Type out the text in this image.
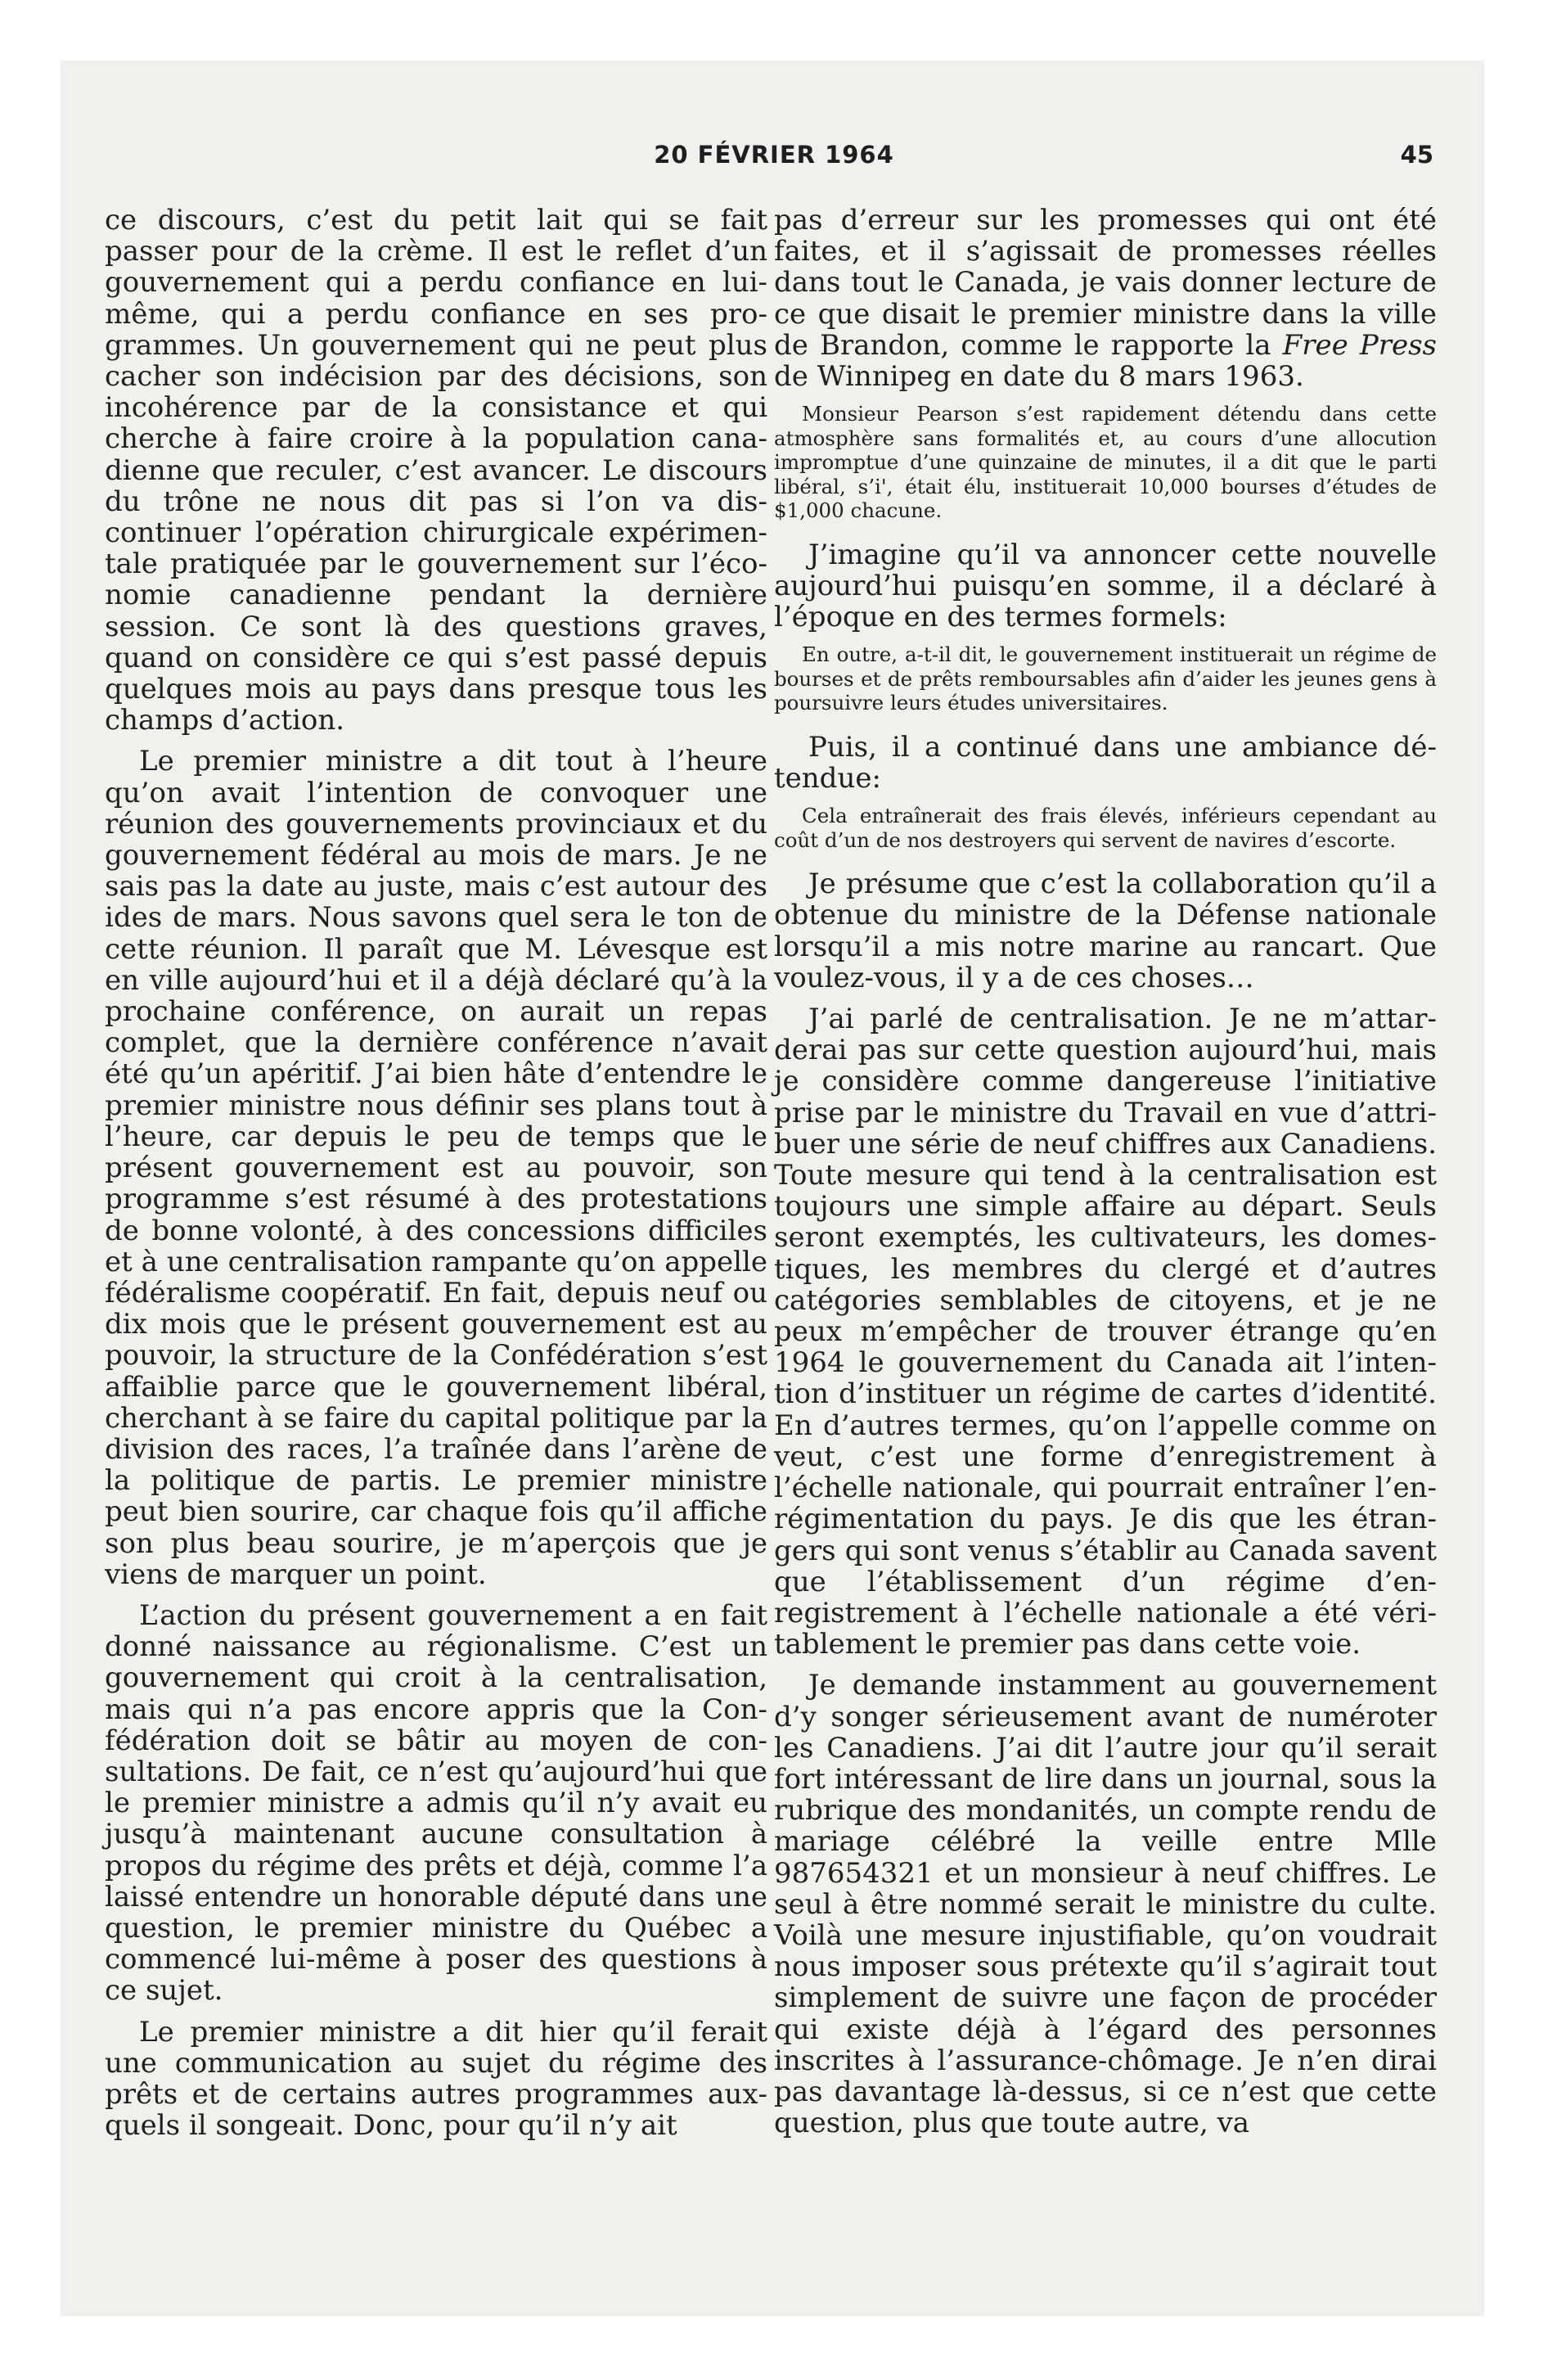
20 FÉVRIER 1964	45

ce discours, c’est du petit lait qui se fait passer pour de la crème. Il est le reflet d’un gouvernement qui a perdu confiance en lui-même, qui a perdu confiance en ses programmes. Un gouvernement qui ne peut plus cacher son indécision par des décisions, son incohérence par de la consistance et qui cherche à faire croire à la population canadienne que reculer, c’est avancer. Le discours du trône ne nous dit pas si l’on va discontinuer l’opération chirurgicale expérimentale pratiquée par le gouvernement sur l’économie canadienne pendant la dernière session. Ce sont là des questions graves, quand on considère ce qui s’est passé depuis quelques mois au pays dans presque tous les champs d’action.

Le premier ministre a dit tout à l’heure qu’on avait l’intention de convoquer une réunion des gouvernements provinciaux et du gouvernement fédéral au mois de mars. Je ne sais pas la date au juste, mais c’est autour des ides de mars. Nous savons quel sera le ton de cette réunion. Il paraît que M. Lévesque est en ville aujourd’hui et il a déjà déclaré qu’à la prochaine conférence, on aurait un repas complet, que la dernière conférence n’avait été qu’un apéritif. J’ai bien hâte d’entendre le premier ministre nous définir ses plans tout à l’heure, car depuis le peu de temps que le présent gouvernement est au pouvoir, son programme s’est résumé à des protestations de bonne volonté, à des concessions difficiles et à une centralisation rampante qu’on appelle fédéralisme coopératif. En fait, depuis neuf ou dix mois que le présent gouvernement est au pouvoir, la structure de la Confédération s’est affaiblie parce que le gouvernement libéral, cherchant à se faire du capital politique par la division des races, l’a traînée dans l’arène de la politique de partis. Le premier ministre peut bien sourire, car chaque fois qu’il affiche son plus beau sourire, je m’aperçois que je viens de marquer un point.

L’action du présent gouvernement a en fait donné naissance au régionalisme. C’est un gouvernement qui croit à la centralisation, mais qui n’a pas encore appris que la Confédération doit se bâtir au moyen de consultations. De fait, ce n’est qu’aujourd’hui que le premier ministre a admis qu’il n’y avait eu jusqu’à maintenant aucune consultation à propos du régime des prêts et déjà, comme l’a laissé entendre un honorable député dans une question, le premier ministre du Québec a commencé lui-même à poser des questions à ce sujet.

Le premier ministre a dit hier qu’il ferait une communication au sujet du régime des prêts et de certains autres programmes auxquels il songeait. Donc, pour qu’il n’y ait

pas d’erreur sur les promesses qui ont été faites, et il s’agissait de promesses réelles dans tout le Canada, je vais donner lecture de ce que disait le premier ministre dans la ville de Brandon, comme le rapporte la Free Press de Winnipeg en date du 8 mars 1963.

Monsieur Pearson s’est rapidement détendu dans cette atmosphère sans formalités et, au cours d’une allocution impromptue d’une quinzaine de minutes, il a dit que le parti libéral, s’i', était élu, instituerait 10,000 bourses d’études de $1,000 chacune.

J’imagine qu’il va annoncer cette nouvelle aujourd’hui puisqu’en somme, il a déclaré à l’époque en des termes formels:

En outre, a-t-il dit, le gouvernement instituerait un régime de bourses et de prêts remboursables afin d’aider les jeunes gens à poursuivre leurs études universitaires.

Puis, il a continué dans une ambiance détendue:

Cela entraînerait des frais élevés, inférieurs cependant au coût d’un de nos destroyers qui servent de navires d’escorte.

Je présume que c’est la collaboration qu’il a obtenue du ministre de la Défense nationale lorsqu’il a mis notre marine au rancart. Que voulez-vous, il y a de ces choses…

J’ai parlé de centralisation. Je ne m’attarderai pas sur cette question aujourd’hui, mais je considère comme dangereuse l’initiative prise par le ministre du Travail en vue d’attribuer une série de neuf chiffres aux Canadiens. Toute mesure qui tend à la centralisation est toujours une simple affaire au départ. Seuls seront exemptés, les cultivateurs, les domestiques, les membres du clergé et d’autres catégories semblables de citoyens, et je ne peux m’empêcher de trouver étrange qu’en 1964 le gouvernement du Canada ait l’intention d’instituer un régime de cartes d’identité. En d’autres termes, qu’on l’appelle comme on veut, c’est une forme d’enregistrement à l’échelle nationale, qui pourrait entraîner l’enrégimentation du pays. Je dis que les étrangers qui sont venus s’établir au Canada savent que l’établissement d’un régime d’enregistrement à l’échelle nationale a été véritablement le premier pas dans cette voie.

Je demande instamment au gouvernement d’y songer sérieusement avant de numéroter les Canadiens. J’ai dit l’autre jour qu’il serait fort intéressant de lire dans un journal, sous la rubrique des mondanités, un compte rendu de mariage célébré la veille entre Mlle 987654321 et un monsieur à neuf chiffres. Le seul à être nommé serait le ministre du culte. Voilà une mesure injustifiable, qu’on voudrait nous imposer sous prétexte qu’il s’agirait tout simplement de suivre une façon de procéder qui existe déjà à l’égard des personnes inscrites à l’assurance-chômage. Je n’en dirai pas davantage là-dessus, si ce n’est que cette question, plus que toute autre, va
